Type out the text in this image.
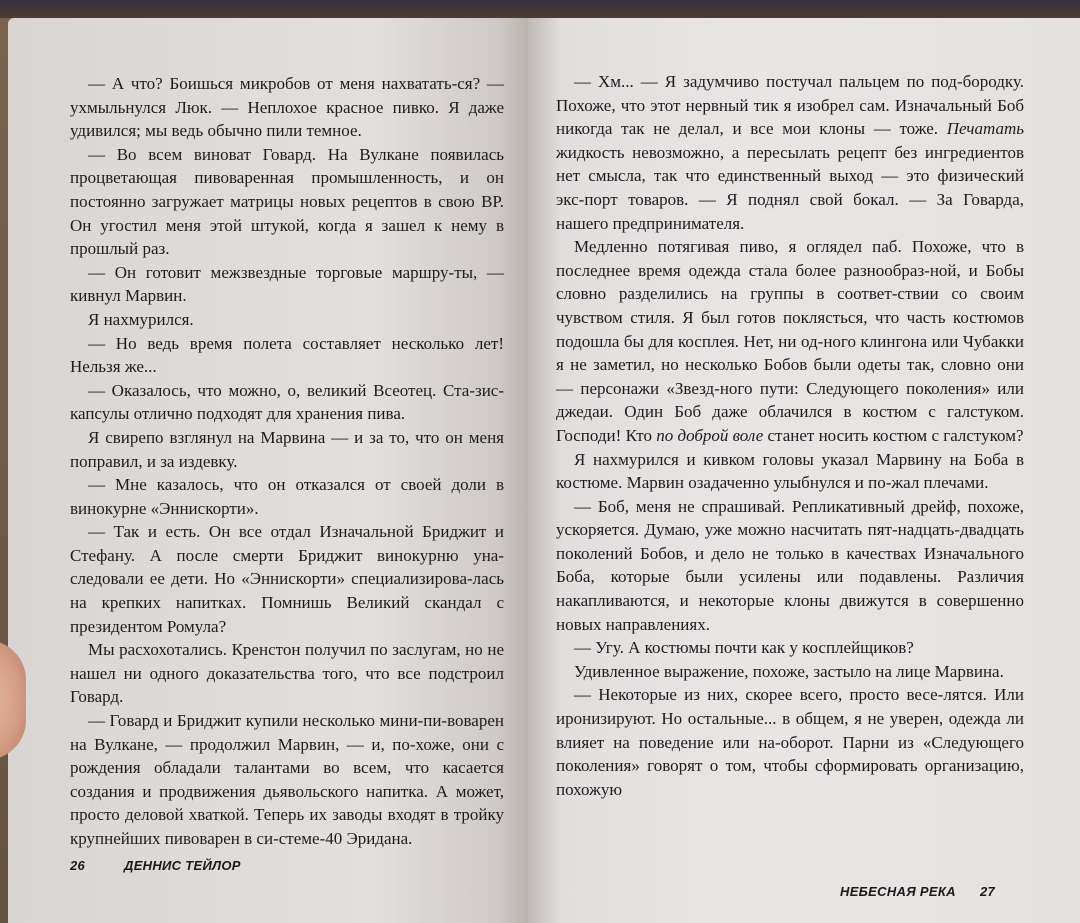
— А что? Боишься микробов от меня нахватать-ся? — ухмыльнулся Люк. — Неплохое красное пивко. Я даже удивился; мы ведь обычно пили темное.

— Во всем виноват Говард. На Вулкане появилась процветающая пивоваренная промышленность, и он постоянно загружает матрицы новых рецептов в свою ВР. Он угостил меня этой штукой, когда я зашел к нему в прошлый раз.

— Он готовит межзвездные торговые маршру-ты, — кивнул Марвин.

Я нахмурился.

— Но ведь время полета составляет несколько лет! Нельзя же...

— Оказалось, что можно, о, великий Всеотец. Ста-зис-капсулы отлично подходят для хранения пива.

Я свирепо взглянул на Марвина — и за то, что он меня поправил, и за издевку.

— Мне казалось, что он отказался от своей доли в винокурне «Эннискорти».

— Так и есть. Он все отдал Изначальной Бриджит и Стефану. А после смерти Бриджит винокурню уна-следовали ее дети. Но «Эннискорти» специализирова-лась на крепких напитках. Помнишь Великий скандал с президентом Ромула?

Мы расхохотались. Кренстон получил по заслугам, но не нашел ни одного доказательства того, что все подстроил Говард.

— Говард и Бриджит купили несколько мини-пи-воварен на Вулкане, — продолжил Марвин, — и, по-хоже, они с рождения обладали талантами во всем, что касается создания и продвижения дьявольского напитка. А может, просто деловой хваткой. Теперь их заводы входят в тройку крупнейших пивоварен в си-стеме-40 Эридана.

26	ДЕННИС ТЕЙЛОР

— Хм... — Я задумчиво постучал пальцем по под-бородку. Похоже, что этот нервный тик я изобрел сам. Изначальный Боб никогда так не делал, и все мои клоны — тоже. Печатать жидкость невозможно, а пересылать рецепт без ингредиентов нет смысла, так что единственный выход — это физический экс-порт товаров. — Я поднял свой бокал. — За Говарда, нашего предпринимателя.

Медленно потягивая пиво, я оглядел паб. Похоже, что в последнее время одежда стала более разнообраз-ной, и Бобы словно разделились на группы в соответ-ствии со своим чувством стиля. Я был готов поклясться, что часть костюмов подошла бы для косплея. Нет, ни од-ного клингона или Чубакки я не заметил, но несколько Бобов были одеты так, словно они — персонажи «Звезд-ного пути: Следующего поколения» или джедаи. Один Боб даже облачился в костюм с галстуком. Господи! Кто по доброй воле станет носить костюм с галстуком?

Я нахмурился и кивком головы указал Марвину на Боба в костюме. Марвин озадаченно улыбнулся и по-жал плечами.

— Боб, меня не спрашивай. Репликативный дрейф, похоже, ускоряется. Думаю, уже можно насчитать пят-надцать-двадцать поколений Бобов, и дело не только в качествах Изначального Боба, которые были усилены или подавлены. Различия накапливаются, и некоторые клоны движутся в совершенно новых направлениях.

— Угу. А костюмы почти как у косплейщиков?

Удивленное выражение, похоже, застыло на лице Марвина.

— Некоторые из них, скорее всего, просто весе-лятся. Или иронизируют. Но остальные... в общем, я не уверен, одежда ли влияет на поведение или на-оборот. Парни из «Следующего поколения» говорят о том, чтобы сформировать организацию, похожую

НЕБЕСНАЯ РЕКА 27
